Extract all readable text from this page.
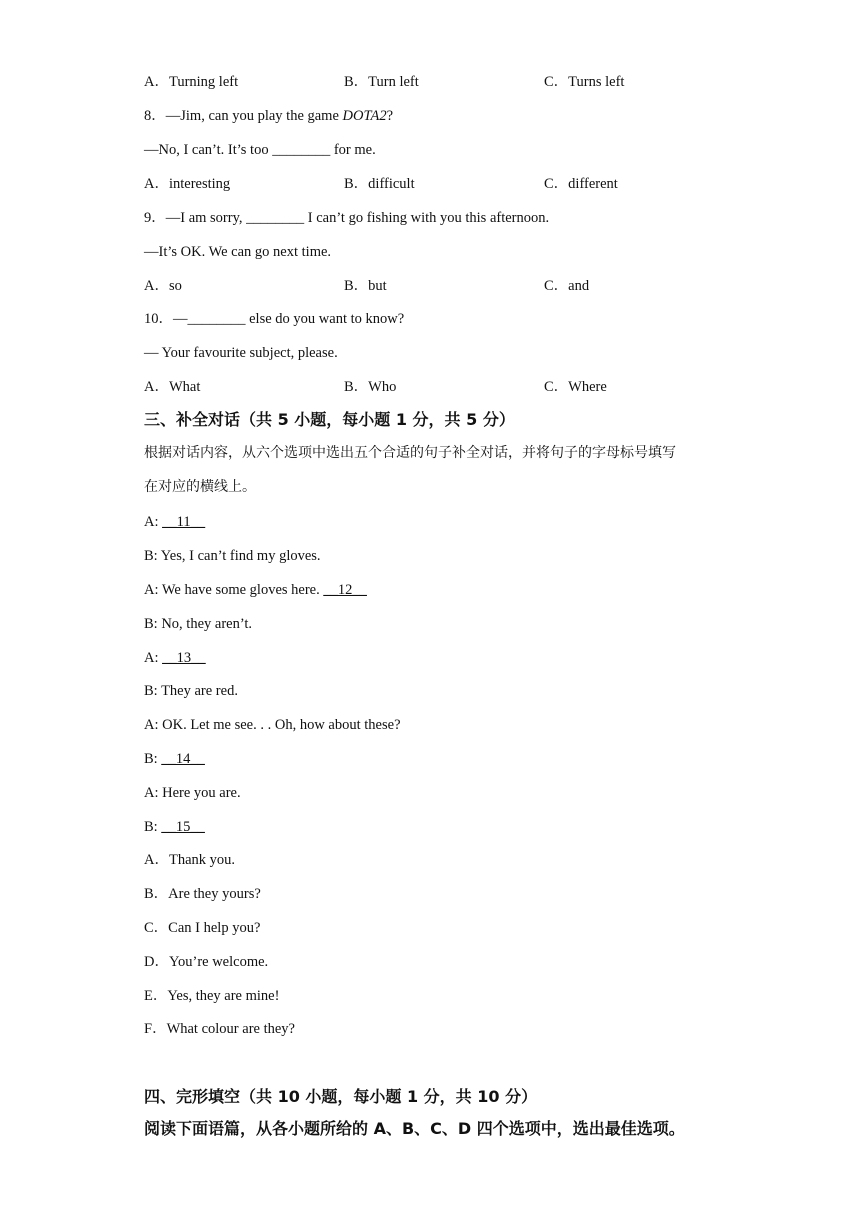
A．Turning left	B．Turn left	C．Turns left
8．—Jim, can you play the game DOTA2?
—No, I can’t. It’s too ________ for me.
A．interesting	B．difficult	C．different
9．—I am sorry, ________ I can’t go fishing with you this afternoon.
—It’s OK. We can go next time.
A．so	B．but	C．and
10．—________ else do you want to know?
— Your favourite subject, please.
A．What	B．Who	C．Where
三、补全对话（共 5 小题，每小题 1 分，共 5 分）
根据对话内容，从六个选项中选出五个合适的句子补全对话，并将句子的字母标号填写
在对应的横线上。
A: __11__
B: Yes, I can’t find my gloves.
A: We have some gloves here. __12__
B: No, they aren’t.
A: __13__
B: They are red.
A: OK. Let me see. . . Oh, how about these?
B: __14__
A: Here you are.
B: __15__
A．Thank you.
B．Are they yours?
C．Can I help you?
D．You’re welcome.
E．Yes, they are mine!
F．What colour are they?
四、完形填空（共 10 小题，每小题 1 分，共 10 分）
阅读下面语篇，从各小题所给的 A、B、C、D 四个选项中，选出最佳选项。
